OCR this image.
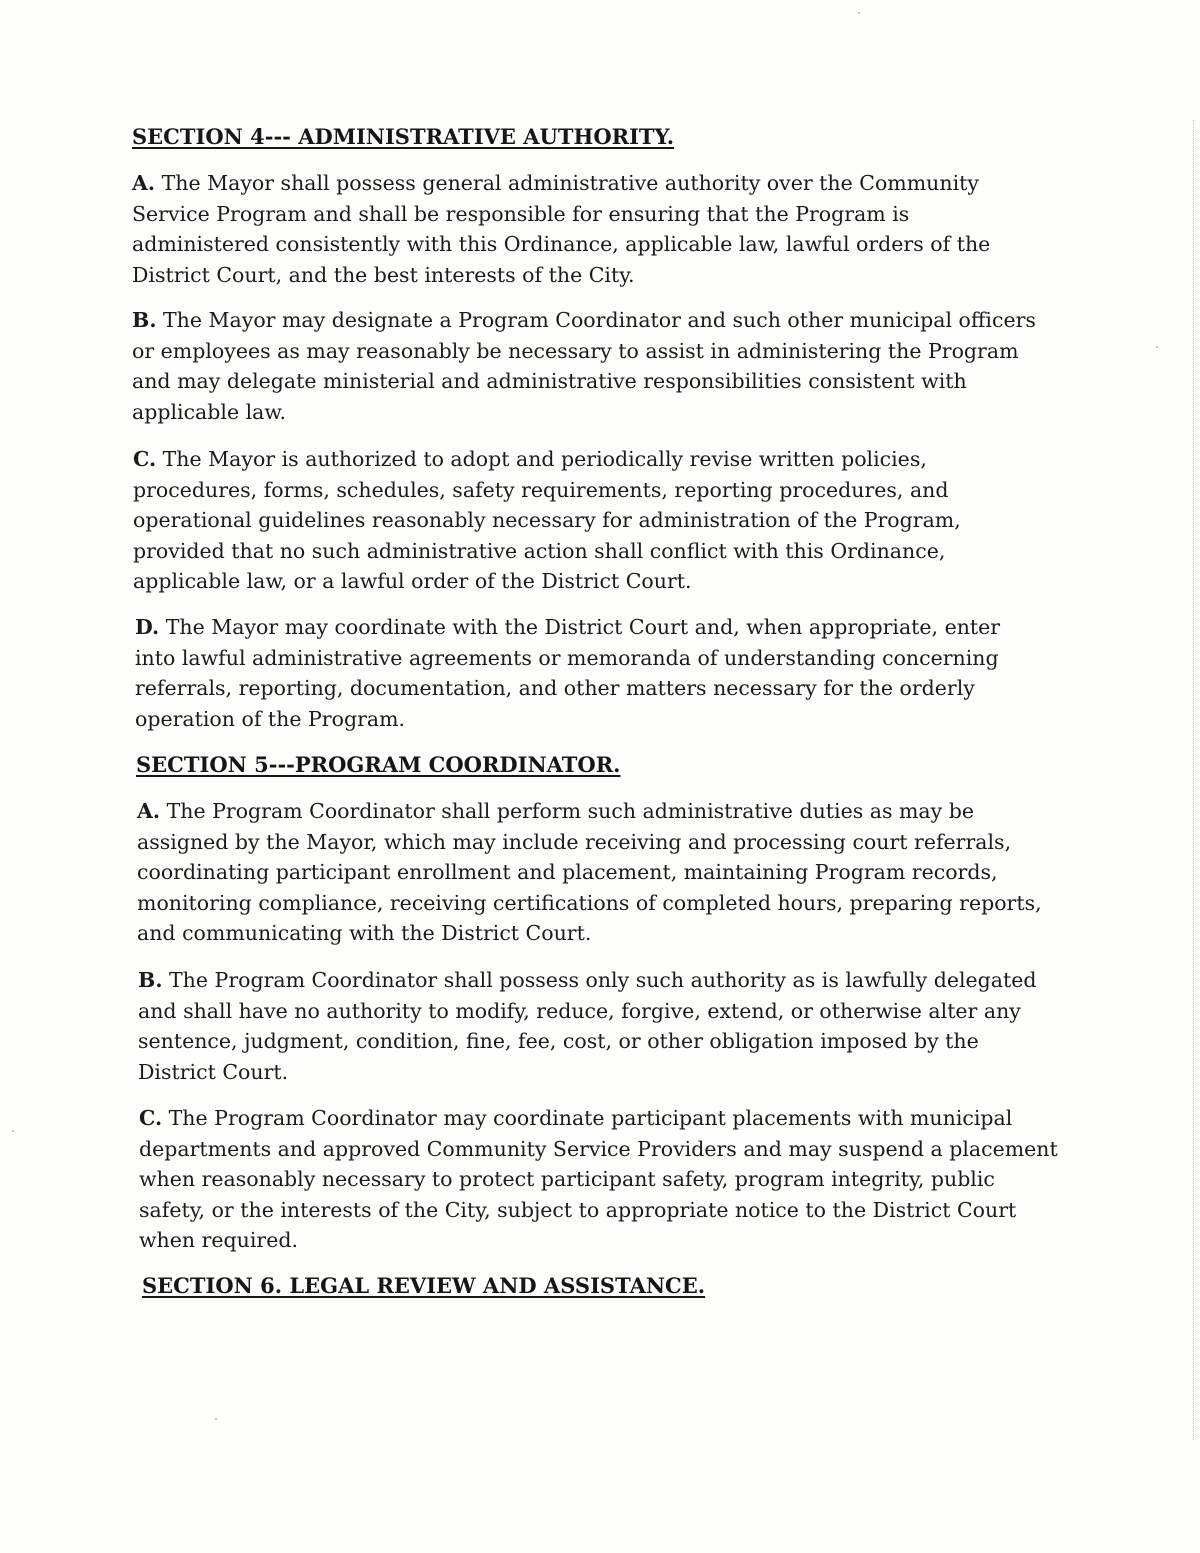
SECTION 4--- ADMINISTRATIVE AUTHORITY.

A. The Mayor shall possess general administrative authority over the Community Service Program and shall be responsible for ensuring that the Program is administered consistently with this Ordinance, applicable law, lawful orders of the District Court, and the best interests of the City.

B. The Mayor may designate a Program Coordinator and such other municipal officers or employees as may reasonably be necessary to assist in administering the Program and may delegate ministerial and administrative responsibilities consistent with applicable law.

C. The Mayor is authorized to adopt and periodically revise written policies, procedures, forms, schedules, safety requirements, reporting procedures, and operational guidelines reasonably necessary for administration of the Program, provided that no such administrative action shall conflict with this Ordinance, applicable law, or a lawful order of the District Court.

D. The Mayor may coordinate with the District Court and, when appropriate, enter into lawful administrative agreements or memoranda of understanding concerning referrals, reporting, documentation, and other matters necessary for the orderly operation of the Program.

SECTION 5---PROGRAM COORDINATOR.

A. The Program Coordinator shall perform such administrative duties as may be assigned by the Mayor, which may include receiving and processing court referrals, coordinating participant enrollment and placement, maintaining Program records, monitoring compliance, receiving certifications of completed hours, preparing reports, and communicating with the District Court.

B. The Program Coordinator shall possess only such authority as is lawfully delegated and shall have no authority to modify, reduce, forgive, extend, or otherwise alter any sentence, judgment, condition, fine, fee, cost, or other obligation imposed by the District Court.

C. The Program Coordinator may coordinate participant placements with municipal departments and approved Community Service Providers and may suspend a placement when reasonably necessary to protect participant safety, program integrity, public safety, or the interests of the City, subject to appropriate notice to the District Court when required.

SECTION 6. LEGAL REVIEW AND ASSISTANCE.
